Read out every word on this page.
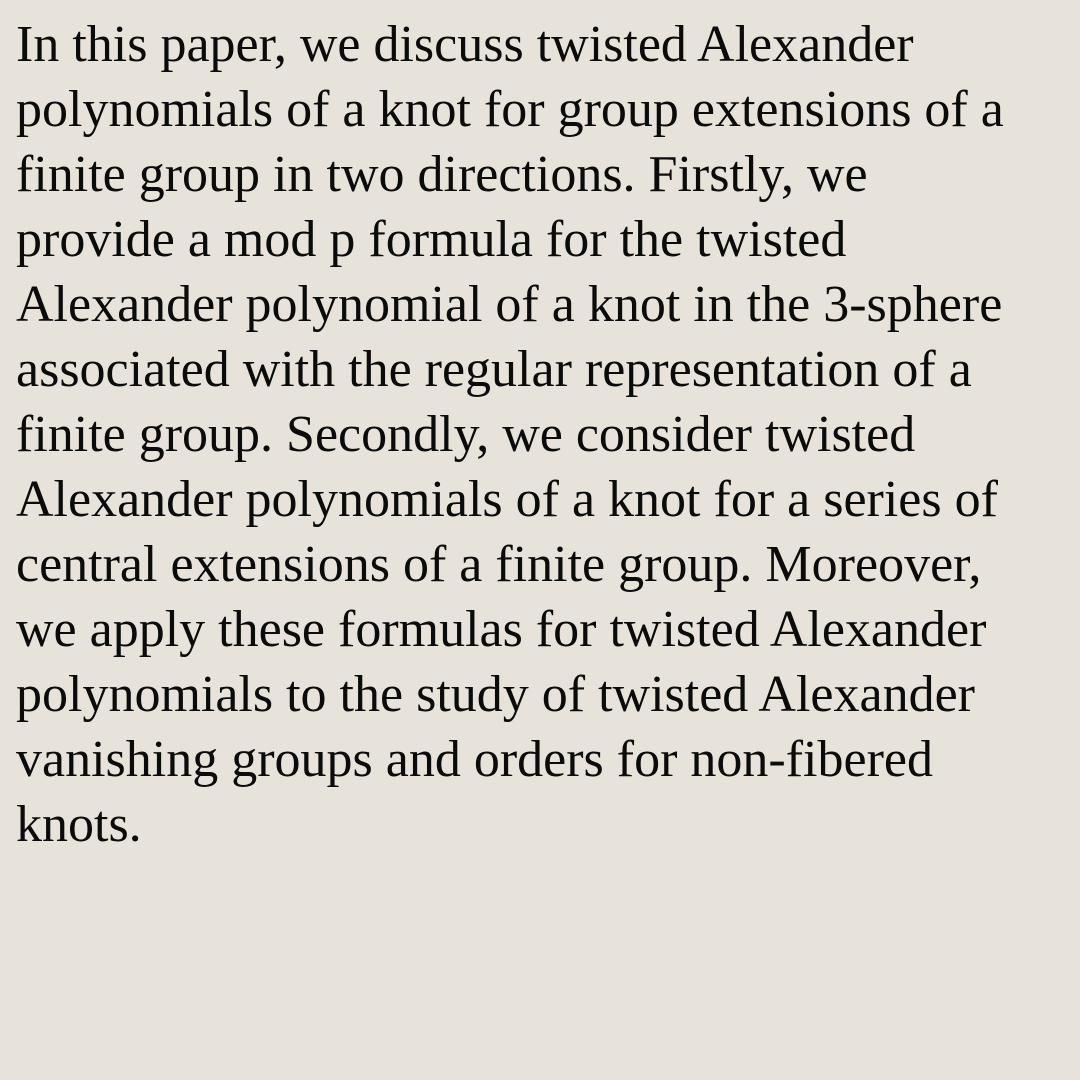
In this paper, we discuss twisted Alexander
polynomials of a knot for group extensions of a
finite group in two directions. Firstly, we
provide a mod p formula for the twisted
Alexander polynomial of a knot in the 3-sphere
associated with the regular representation of a
finite group. Secondly, we consider twisted
Alexander polynomials of a knot for a series of
central extensions of a finite group. Moreover,
we apply these formulas for twisted Alexander
polynomials to the study of twisted Alexander
vanishing groups and orders for non-fibered
knots.
